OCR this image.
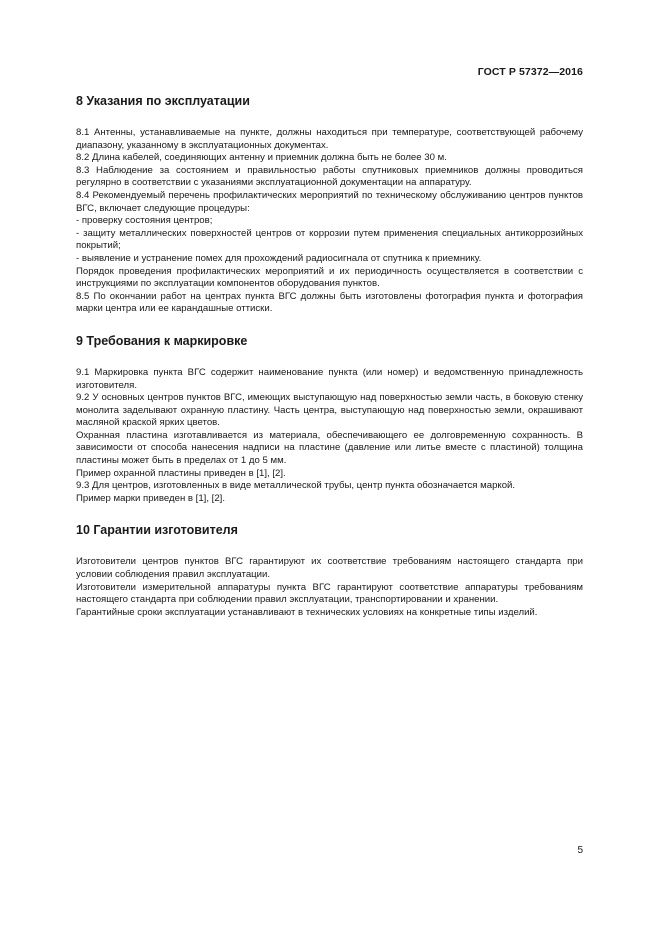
ГОСТ Р 57372—2016
8 Указания по эксплуатации

8.1 Антенны, устанавливаемые на пункте, должны находиться при температуре, соответствующей рабочему диапазону, указанному в эксплуатационных документах.

8.2 Длина кабелей, соединяющих антенну и приемник должна быть не более 30 м.

8.3 Наблюдение за состоянием и правильностью работы спутниковых приемников должны проводиться регулярно в соответствии с указаниями эксплуатационной документации на аппаратуру.

8.4 Рекомендуемый перечень профилактических мероприятий по техническому обслуживанию центров пунктов ВГС, включает следующие процедуры:

- проверку состояния центров;

- защиту металлических поверхностей центров от коррозии путем применения специальных антикоррозийных покрытий;

- выявление и устранение помех для прохождений радиосигнала от спутника к приемнику.

Порядок проведения профилактических мероприятий и их периодичность осуществляется в соответствии с инструкциями по эксплуатации компонентов оборудования пунктов.

8.5 По окончании работ на центрах пункта ВГС должны быть изготовлены фотография пункта и фотография марки центра или ее карандашные оттиски.

9 Требования к маркировке

9.1 Маркировка пункта ВГС содержит наименование пункта (или номер) и ведомственную принадлежность изготовителя.

9.2 У основных центров пунктов ВГС, имеющих выступающую над поверхностью земли часть, в боковую стенку монолита заделывают охранную пластину. Часть центра, выступающую над поверхностью земли, окрашивают масляной краской ярких цветов.

Охранная пластина изготавливается из материала, обеспечивающего ее долговременную сохранность. В зависимости от способа нанесения надписи на пластине (давление или литье вместе с пластиной) толщина пластины может быть в пределах от 1 до 5 мм.

Пример охранной пластины приведен в [1], [2].

9.3 Для центров, изготовленных в виде металлической трубы, центр пункта обозначается маркой.

Пример марки приведен в [1], [2].

10 Гарантии изготовителя

Изготовители центров пунктов ВГС гарантируют их соответствие требованиям настоящего стандарта при условии соблюдения правил эксплуатации.

Изготовители измерительной аппаратуры пункта ВГС гарантируют соответствие аппаратуры требованиям настоящего стандарта при соблюдении правил эксплуатации, транспортировании и хранении.

Гарантийные сроки эксплуатации устанавливают в технических условиях на конкретные типы изделий.

5
